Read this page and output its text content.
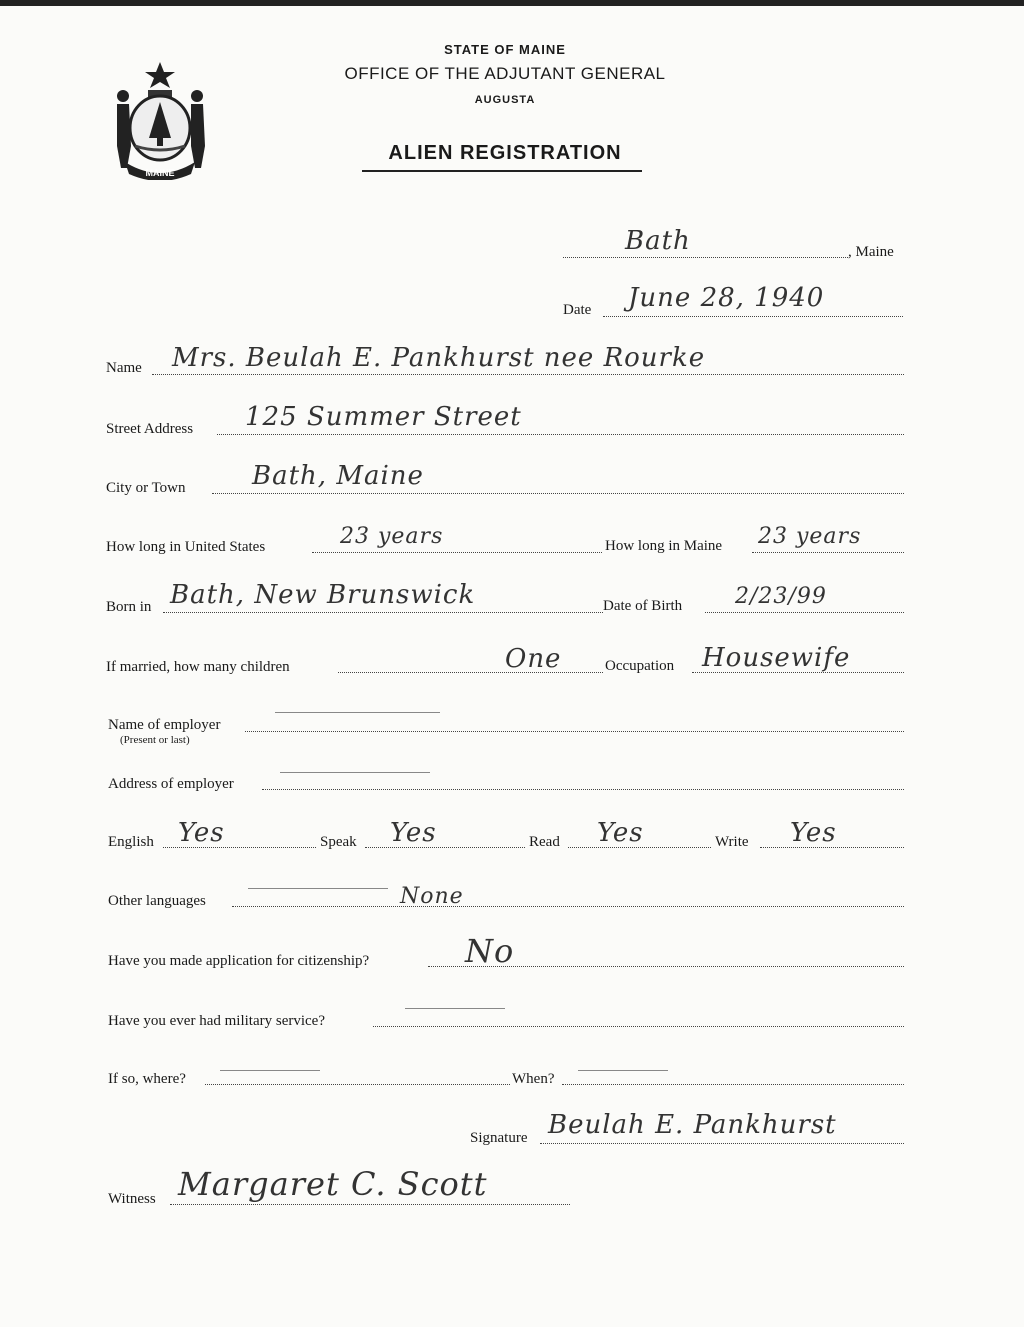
MAINE
STATE OF MAINE
OFFICE OF THE ADJUTANT GENERAL
AUGUSTA
ALIEN REGISTRATION
Bath	, Maine
Date June 28, 1940
Name Mrs. Beulah E. Pankhurst nee Rourke
Street Address 125 Summer Street
City or Town	Bath, Maine
How long in United States	23 years	How long in Maine 23 years
Born in Bath, New Brunswick	Date of Birth 2/23/99
If married, how many children	One	Occupation Housewife
Name of employer
(Present or last)
Address of employer
English Yes	Speak Yes	Read Yes	Write Yes
Other languages	None
Have you made application for citizenship?	No
Have you ever had military service?
If so, where?	When?
Signature Beulah E. Pankhurst
Witness Margaret C. Scott
